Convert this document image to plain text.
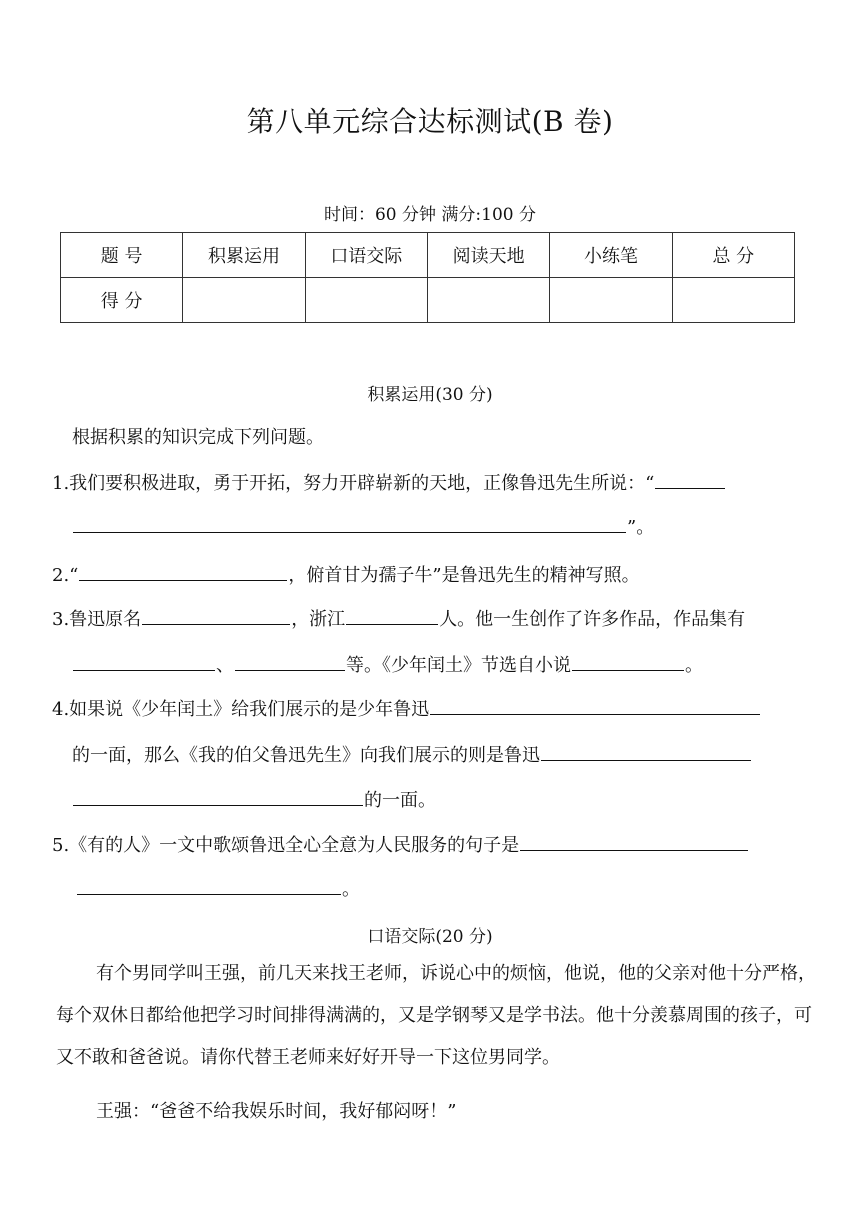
第八单元综合达标测试(B 卷)
时间：60 分钟 满分:100 分
题 号	积累运用	口语交际	阅读天地	小练笔	总 分
得 分					
积累运用(30 分)
根据积累的知识完成下列问题。
1.我们要积极进取，勇于开拓，努力开辟崭新的天地，正像鲁迅先生所说：“
”。
2.“	，俯首甘为孺子牛”是鲁迅先生的精神写照。
3.鲁迅原名	，浙江	人。他一生创作了许多作品，作品集有
、	等。《少年闰土》节选自小说	。
4.如果说《少年闰土》给我们展示的是少年鲁迅
的一面，那么《我的伯父鲁迅先生》向我们展示的则是鲁迅
的一面。
5.《有的人》一文中歌颂鲁迅全心全意为人民服务的句子是
。
口语交际(20 分)
有个男同学叫王强，前几天来找王老师，诉说心中的烦恼，他说，他的父亲对他十分严格，每个双休日都给他把学习时间排得满满的，又是学钢琴又是学书法。他十分羡慕周围的孩子，可又不敢和爸爸说。请你代替王老师来好好开导一下这位男同学。
王强：“爸爸不给我娱乐时间，我好郁闷呀！”
